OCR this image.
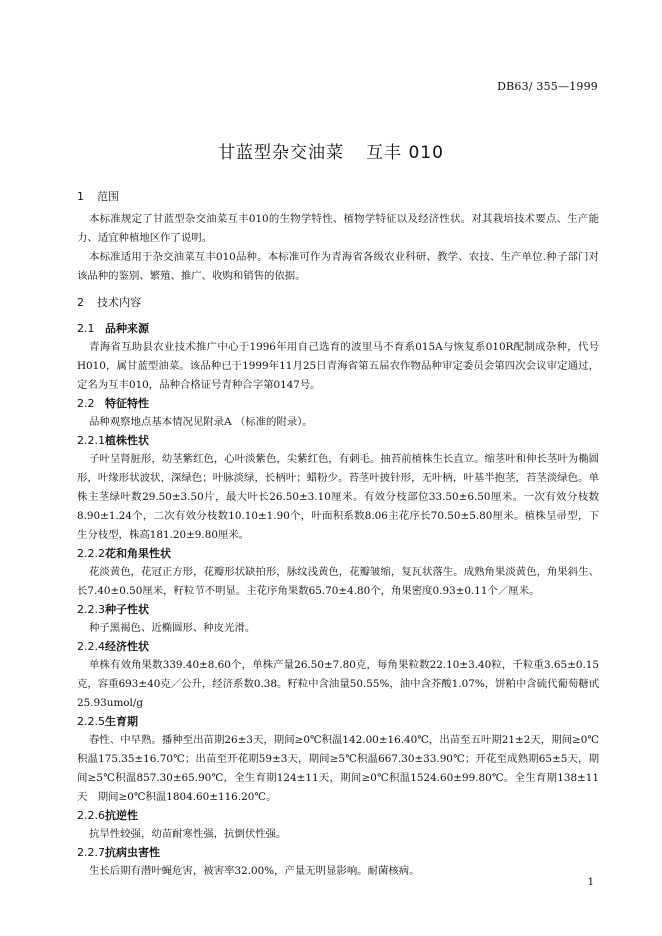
DB63/ 355—1999
甘蓝型杂交油菜 互丰 010
1 范围

本标准规定了甘蓝型杂交油菜互丰010的生物学特性、植物学特征以及经济性状。对其栽培技术要点、生产能力、适宜种植地区作了说明。

本标准适用于杂交油菜互丰010品种。本标准可作为青海省各级农业科研、教学、农技、生产单位.种子部门对该品种的鉴别、繁殖、推广、收购和销售的依据。

2 技术内容
2.1 品种来源

青海省互助县农业技术推广中心于1996年用自己选育的波里马不育系015A与恢复系010R配制成杂种，代号H010，属甘蓝型油菜。该品种已于1999年11月25日青海省第五届农作物品种审定委员会第四次会议审定通过，定名为互丰010，品种合格证号青种合字第0147号。

2.2 特征特性

品种观察地点基本情况见附录A （标准的附录）。

2.2.1植株性状

子叶呈肾脏形，幼茎紫红色，心叶淡紫色，尖紫红色，有刺毛。抽苔前植株生长直立。缩茎叶和伸长茎叶为椭圆形，叶缘形状波状，深绿色；叶脉淡绿，长柄叶；蜡粉少。苔茎叶披针形，无叶柄，叶基半抱茎，苔茎淡绿色。单株主茎绿叶数29.50±3.50片，最大叶长26.50±3.10厘米。有效分枝部位33.50±6.50厘米。一次有效分枝数8.90±1.24个，二次有效分枝数10.10±1.90个，叶面积系数8.06主花序长70.50±5.80厘米。植株呈帚型，下生分枝型，株高181.20±9.80厘米。

2.2.2花和角果性状

花淡黄色，花冠正方形，花瓣形状缺拍形，脉纹浅黄色，花瓣皱缩，复瓦状落生。成熟角果淡黄色，角果斜生、长7.40±0.50厘米，籽粒节不明显。主花序角果数65.70±4.80个，角果密度0.93±0.11个／厘米。

2.2.3种子性状

种子黑褐色、近椭圆形、种皮光滑。

2.2.4经济性状

单株有效角果数339.40±8.60个，单株产量26.50±7.80克，每角果粒数22.10±3.40粒，千粒重3.65±0.15克，容重693±40克／公升，经济系数0.38。籽粒中含油量50.55%，油中含芥酸1.07%，饼粕中含硫代葡萄糖甙25.93umol/g

2.2.5生育期

春性、中早熟。播种至出苗期26±3天，期间≥0℃积温142.00±16.40℃，出苗至五叶期21±2天，期间≥0℃积温175.35±16.70℃；出苗至开花期59±3天，期间≥5℃积温667.30±33.90℃；开花至成熟期65±5天，期间≥5℃积温857.30±65.90℃，全生育期124±11天，期间≥0℃积温1524.60±99.80℃。全生育期138±11天　期间≥0℃积温1804.60±116.20℃。

2.2.6抗逆性

抗旱性较强，幼苗耐寒性强，抗倒伏性强。

2.2.7抗病虫害性

生长后期有潜叶蝇危害，被害率32.00%，产量无明显影响。耐菌核病。

1
